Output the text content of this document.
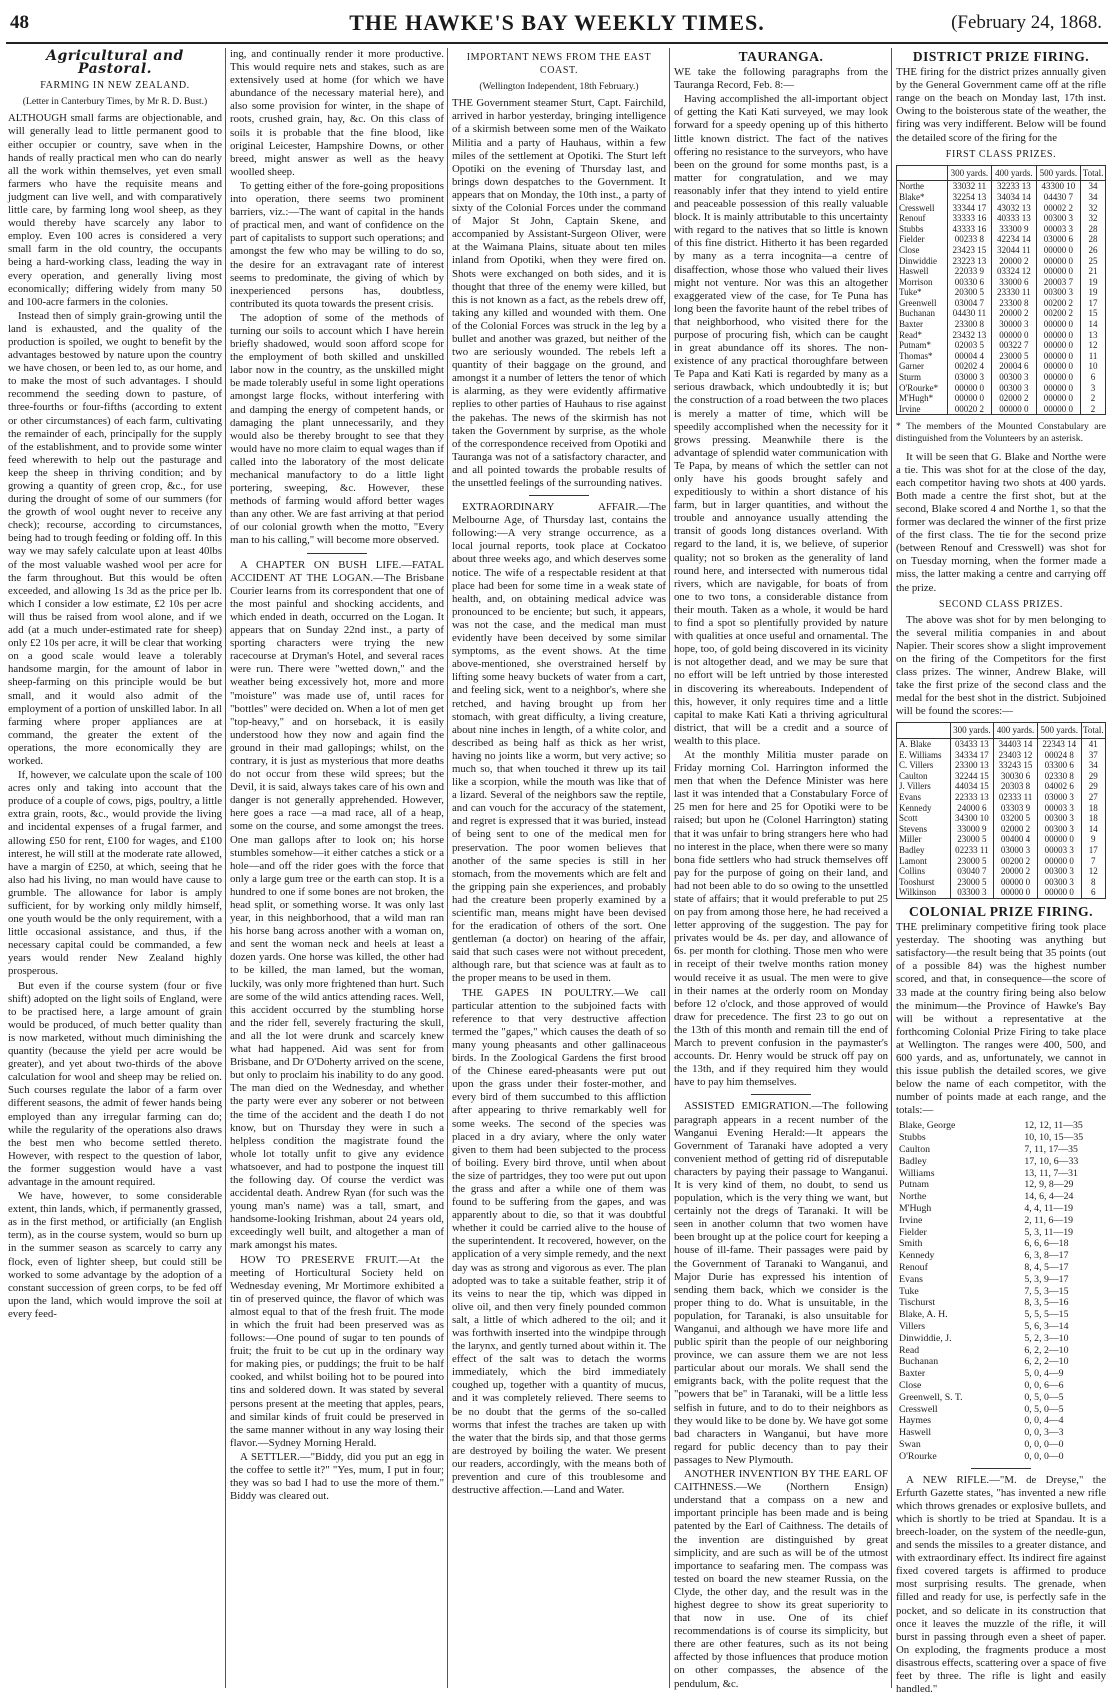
48	THE HAWKE'S BAY WEEKLY TIMES.	(February 24, 1868.
Agricultural and Pastoral.
FARMING IN NEW ZEALAND.
(Letter in Canterbury Times, by Mr R. D. Bust.)

ALTHOUGH small farms are objectionable, and will generally lead to little permanent good to either occupier or country, save when in the hands of really practical men who can do nearly all the work within themselves, yet even small farmers who have the requisite means and judgment can live well, and with comparatively little care, by farming long wool sheep, as they would thereby have scarcely any labor to employ. Even 100 acres is considered a very small farm in the old country, the occupants being a hard-working class, leading the way in every operation, and generally living most economically; differing widely from many 50 and 100-acre farmers in the colonies.

Instead then of simply grain-growing until the land is exhausted, and the quality of the production is spoiled, we ought to benefit by the advantages bestowed by nature upon the country we have chosen, or been led to, as our home, and to make the most of such advantages. I should recommend the seeding down to pasture, of three-fourths or four-fifths (according to extent or other circumstances) of each farm, cultivating the remainder of each, principally for the supply of the establishment, and to provide some winter feed wherewith to help out the pasturage and keep the sheep in thriving condition; and by growing a quantity of green crop, &c., for use during the drought of some of our summers (for the growth of wool ought never to receive any check); recourse, according to circumstances, being had to trough feeding or folding off. In this way we may safely calculate upon at least 40lbs of the most valuable washed wool per acre for the farm throughout. But this would be often exceeded, and allowing 1s 3d as the price per lb. which I consider a low estimate, £2 10s per acre will thus be raised from wool alone, and if we add (at a much under-estimated rate for sheep) only £2 10s per acre, it will be clear that working on a good scale would leave a tolerably handsome margin, for the amount of labor in sheep-farming on this principle would be but small, and it would also admit of the employment of a portion of unskilled labor. In all farming where proper appliances are at command, the greater the extent of the operations, the more economically they are worked.

If, however, we calculate upon the scale of 100 acres only and taking into account that the produce of a couple of cows, pigs, poultry, a little extra grain, roots, &c., would provide the living and incidental expenses of a frugal farmer, and allowing £50 for rent, £100 for wages, and £100 interest, he will still at the moderate rate allowed, have a margin of £250, at which, seeing that he also had his living, no man would have cause to grumble. The allowance for labor is amply sufficient, for by working only mildly himself, one youth would be the only requirement, with a little occasional assistance, and thus, if the necessary capital could be commanded, a few years would render New Zealand highly prosperous.

But even if the course system (four or five shift) adopted on the light soils of England, were to be practised here, a large amount of grain would be produced, of much better quality than is now marketed, without much diminishing the quantity (because the yield per acre would be greater), and yet about two-thirds of the above calculation for wool and sheep may be relied on. Such courses regulate the labor of a farm over different seasons, the admit of fewer hands being employed than any irregular farming can do; while the regularity of the operations also draws the best men who become settled thereto. However, with respect to the question of labor, the former suggestion would have a vast advantage in the amount required.

We have, however, to some considerable extent, thin lands, which, if permanently grassed, as in the first method, or artificially (an English term), as in the course system, would so burn up in the summer season as scarcely to carry any flock, even of lighter sheep, but could still be worked to some advantage by the adoption of a constant succession of green corps, to be fed off upon the land, which would improve the soil at every feed-

ing, and continually render it more productive. This would require nets and stakes, such as are extensively used at home (for which we have abundance of the necessary material here), and also some provision for winter, in the shape of roots, crushed grain, hay, &c. On this class of soils it is probable that the fine blood, like original Leicester, Hampshire Downs, or other breed, might answer as well as the heavy woolled sheep.

To getting either of the fore-going propositions into operation, there seems two prominent barriers, viz.:—The want of capital in the hands of practical men, and want of confidence on the part of capitalists to support such operations; and amongst the few who may be willing to do so, the desire for an extravagant rate of interest seems to predominate, the giving of which by inexperienced persons has, doubtless, contributed its quota towards the present crisis.

The adoption of some of the methods of turning our soils to account which I have herein briefly shadowed, would soon afford scope for the employment of both skilled and unskilled labor now in the country, as the unskilled might be made tolerably useful in some light operations amongst large flocks, without interfering with and damping the energy of competent hands, or damaging the plant unnecessarily, and they would also be thereby brought to see that they would have no more claim to equal wages than if called into the laboratory of the most delicate mechanical manufactory to do a little light portering, sweeping, &c. However, these methods of farming would afford better wages than any other. We are fast arriving at that period of our colonial growth when the motto, "Every man to his calling," will become more observed.

A CHAPTER ON BUSH LIFE.—FATAL ACCIDENT AT THE LOGAN.—The Brisbane Courier learns from its correspondent that one of the most painful and shocking accidents, and which ended in death, occurred on the Logan. It appears that on Sunday 22nd inst., a party of sporting characters were trying the new racecourse at Dryman's Hotel, and several races were run. There were "wetted down," and the weather being excessively hot, more and more "moisture" was made use of, until races for "bottles" were decided on. When a lot of men get "top-heavy," and on horseback, it is easily understood how they now and again find the ground in their mad gallopings; whilst, on the contrary, it is just as mysterious that more deaths do not occur from these wild sprees; but the Devil, it is said, always takes care of his own and danger is not generally apprehended. However, here goes a race —a mad race, all of a heap, some on the course, and some amongst the trees. One man gallops after to look on; his horse stumbles somehow—it either catches a stick or a hole—and off the rider goes with the force that only a large gum tree or the earth can stop. It is a hundred to one if some bones are not broken, the head split, or something worse. It was only last year, in this neighborhood, that a wild man ran his horse bang across another with a woman on, and sent the woman neck and heels at least a dozen yards. One horse was killed, the other had to be killed, the man lamed, but the woman, luckily, was only more frightened than hurt. Such are some of the wild antics attending races. Well, this accident occurred by the stumbling horse and the rider fell, severely fracturing the skull, and all the lot were drunk and scarcely knew what had happened. Aid was sent for from Brisbane, and Dr O'Doherty arrived on the scene, but only to proclaim his inability to do any good. The man died on the Wednesday, and whether the party were ever any soberer or not between the time of the accident and the death I do not know, but on Thursday they were in such a helpless condition the magistrate found the whole lot totally unfit to give any evidence whatsoever, and had to postpone the inquest till the following day. Of course the verdict was accidental death. Andrew Ryan (for such was the young man's name) was a tall, smart, and handsome-looking Irishman, about 24 years old, exceedingly well built, and altogether a man of mark amongst his mates.

HOW TO PRESERVE FRUIT.—At the meeting of Horticultural Society held on Wednesday evening, Mr Mortimore exhibited a tin of preserved quince, the flavor of which was almost equal to that of the fresh fruit. The mode in which the fruit had been preserved was as follows:—One pound of sugar to ten pounds of fruit; the fruit to be cut up in the ordinary way for making pies, or puddings; the fruit to be half cooked, and whilst boiling hot to be poured into tins and soldered down. It was stated by several persons present at the meeting that apples, pears, and similar kinds of fruit could be preserved in the same manner without in any way losing their flavor.—Sydney Morning Herald.

A SETTLER.—"Biddy, did you put an egg in the coffee to settle it?" "Yes, mum, I put in four; they was so bad I had to use the more of them." Biddy was cleared out.

IMPORTANT NEWS FROM THE EAST COAST.
(Wellington Independent, 18th February.)

THE Government steamer Sturt, Capt. Fairchild, arrived in harbor yesterday, bringing intelligence of a skirmish between some men of the Waikato Militia and a party of Hauhaus, within a few miles of the settlement at Opotiki. The Sturt left Opotiki on the evening of Thursday last, and brings down despatches to the Government. It appears that on Monday, the 10th inst., a party of sixty of the Colonial Forces under the command of Major St John, Captain Skene, and accompanied by Assistant-Surgeon Oliver, were at the Waimana Plains, situate about ten miles inland from Opotiki, when they were fired on. Shots were exchanged on both sides, and it is thought that three of the enemy were killed, but this is not known as a fact, as the rebels drew off, taking any killed and wounded with them. One of the Colonial Forces was struck in the leg by a bullet and another was grazed, but neither of the two are seriously wounded. The rebels left a quantity of their baggage on the ground, and amongst it a number of letters the tenor of which is alarming, as they were evidently affirmative replies to other parties of Hauhaus to rise against the pakehas. The news of the skirmish has not taken the Government by surprise, as the whole of the correspondence received from Opotiki and Tauranga was not of a satisfactory character, and and all pointed towards the probable results of the unsettled feelings of the surrounding natives.

EXTRAORDINARY AFFAIR.—The Melbourne Age, of Thursday last, contains the following:—A very strange occurrence, as a local journal reports, took place at Cockatoo about three weeks ago, and which deserves some notice. The wife of a respectable resident at that place had been for some time in a weak state of health, and, on obtaining medical advice was pronounced to be enciente; but such, it appears, was not the case, and the medical man must evidently have been deceived by some similar symptoms, as the event shows. At the time above-mentioned, she overstrained herself by lifting some heavy buckets of water from a cart, and feeling sick, went to a neighbor's, where she retched, and having brought up from her stomach, with great difficulty, a living creature, about nine inches in length, of a white color, and described as being half as thick as her wrist, having no joints like a worm, but very active; so much so, that when touched it threw up its tail like a scorpion, while the mouth was like that of a lizard. Several of the neighbors saw the reptile, and can vouch for the accuracy of the statement, and regret is expressed that it was buried, instead of being sent to one of the medical men for preservation. The poor women believes that another of the same species is still in her stomach, from the movements which are felt and the gripping pain she experiences, and probably had the creature been properly examined by a scientific man, means might have been devised for the eradication of others of the sort. One gentleman (a doctor) on hearing of the affair, said that such cases were not without precedent, although rare, but that science was at fault as to the proper means to be used in them.

THE GAPES IN POULTRY.—We call particular attention to the subjoined facts with reference to that very destructive affection termed the "gapes," which causes the death of so many young pheasants and other gallinaceous birds. In the Zoological Gardens the first brood of the Chinese eared-pheasants were put out upon the grass under their foster-mother, and every bird of them succumbed to this affliction after appearing to thrive remarkably well for some weeks. The second of the species was placed in a dry aviary, where the only water given to them had been subjected to the process of boiling. Every bird throve, until when about the size of partridges, they too were put out upon the grass and after a while one of them was found to be suffering from the gapes, and was apparently about to die, so that it was doubtful whether it could be carried alive to the house of the superintendent. It recovered, however, on the application of a very simple remedy, and the next day was as strong and vigorous as ever. The plan adopted was to take a suitable feather, strip it of its veins to near the tip, which was dipped in olive oil, and then very finely pounded common salt, a little of which adhered to the oil; and it was forthwith inserted into the windpipe through the larynx, and gently turned about within it. The effect of the salt was to detach the worms immediately, which the bird immediately coughed up, together with a quantity of mucus, and it was completely relieved. There seems to be no doubt that the germs of the so-called worms that infest the traches are taken up with the water that the birds sip, and that those germs are destroyed by boiling the water. We present our readers, accordingly, with the means both of prevention and cure of this troublesome and destructive affection.—Land and Water.

TAURANGA.

WE take the following paragraphs from the Tauranga Record, Feb. 8:—

Having accomplished the all-important object of getting the Kati Kati surveyed, we may look forward for a speedy opening up of this hitherto little known district. The fact of the natives offering no resistance to the surveyors, who have been on the ground for some months past, is a matter for congratulation, and we may reasonably infer that they intend to yield entire and peaceable possession of this really valuable block. It is mainly attributable to this uncertainty with regard to the natives that so little is known of this fine district. Hitherto it has been regarded by many as a terra incognita—a centre of disaffection, whose those who valued their lives might not venture. Nor was this an altogether exaggerated view of the case, for Te Puna has long been the favorite haunt of the rebel tribes of that neighborhood, who visited there for the purpose of procuring fish, which can be caught in great abundance off its shores. The non-existence of any practical thoroughfare between Te Papa and Kati Kati is regarded by many as a serious drawback, which undoubtedly it is; but the construction of a road between the two places is merely a matter of time, which will be speedily accomplished when the necessity for it grows pressing. Meanwhile there is the advantage of splendid water communication with Te Papa, by means of which the settler can not only have his goods brought safely and expeditiously to within a short distance of his farm, but in larger quantities, and without the trouble and annoyance usually attending the transit of goods long distances overland. With regard to the land, it is, we believe, of superior quality; not so broken as the generality of land round here, and intersected with numerous tidal rivers, which are navigable, for boats of from one to two tons, a considerable distance from their mouth. Taken as a whole, it would be hard to find a spot so plentifully provided by nature with qualities at once useful and ornamental. The hope, too, of gold being discovered in its vicinity is not altogether dead, and we may be sure that no effort will be left untried by those interested in discovering its whereabouts. Independent of this, however, it only requires time and a little capital to make Kati Kati a thriving agricultural district, that will be a credit and a source of wealth to this place.

At the monthly Militia muster parade on Friday morning Col. Harrington informed the men that when the Defence Minister was here last it was intended that a Constabulary Force of 25 men for here and 25 for Opotiki were to be raised; but upon he (Colonel Harrington) stating that it was unfair to bring strangers here who had no interest in the place, when there were so many bona fide settlers who had struck themselves off pay for the purpose of going on their land, and had not been able to do so owing to the unsettled state of affairs; that it would preferable to put 25 on pay from among those here, he had received a letter approving of the suggestion. The pay for privates would be 4s. per day, and allowance of 6s. per month for clothing. Those men who were in receipt of their twelve months ration money would receive it as usual. The men were to give in their names at the orderly room on Monday before 12 o'clock, and those approved of would draw for precedence. The first 23 to go out on the 13th of this month and remain till the end of March to prevent confusion in the paymaster's accounts. Dr. Henry would be struck off pay on the 13th, and if they required him they would have to pay him themselves.

ASSISTED EMIGRATION.—The following paragraph appears in a recent number of the Wanganui Evening Herald:—It appears the Government of Taranaki have adopted a very convenient method of getting rid of disreputable characters by paying their passage to Wanganui. It is very kind of them, no doubt, to send us population, which is the very thing we want, but certainly not the dregs of Taranaki. It will be seen in another column that two women have been brought up at the police court for keeping a house of ill-fame. Their passages were paid by the Government of Taranaki to Wanganui, and Major Durie has expressed his intention of sending them back, which we consider is the proper thing to do. What is unsuitable, in the population, for Taranaki, is also unsuitable for Wanganui, and although we have more life and public spirit than the people of our neighboring province, we can assure them we are not less particular about our morals. We shall send the emigrants back, with the polite request that the "powers that be" in Taranaki, will be a little less selfish in future, and to do to their neighbors as they would like to be done by. We have got some bad characters in Wanganui, but have more regard for public decency than to pay their passages to New Plymouth.

ANOTHER INVENTION BY THE EARL OF CAITHNESS.—We (Northern Ensign) understand that a compass on a new and important principle has been made and is being patented by the Earl of Caithness. The details of the invention are distinguished by great simplicity, and are such as will be of the utmost importance to seafaring men. The compass was tested on board the new steamer Russia, on the Clyde, the other day, and the result was in the highest degree to show its great superiority to that now in use. One of its chief recommendations is of course its simplicity, but there are other features, such as its not being affected by those influences that produce motion on other compasses, the absence of the pendulum, &c.

DISTRICT PRIZE FIRING.

THE firing for the district prizes annually given by the General Government came off at the rifle range on the beach on Monday last, 17th inst. Owing to the boisterous state of the weather, the firing was very indifferent. Below will be found the detailed score of the firing for the

FIRST CLASS PRIZES.
	300 yards.	400 yards.	500 yards.	Total.
Northe	33032 11	32233 13	43300 10	34
Blake*	32254 13	34034 14	04430 7	34
Cresswell	33344 17	43032 13	00002 2	32
Renouf	33333 16	40333 13	00300 3	32
Stubbs	43333 16	33300 9	00003 3	28
Fielder	00233 8	42234 14	03000 6	28
Close	23423 15	32044 11	00000 0	26
Dinwiddie	23223 13	20000 2	00000 0	25
Haswell	22033 9	03324 12	00000 0	21
Morrison	00330 6	33000 6	20003 7	19
Tuke*	20300 5	23330 11	00300 3	19
Greenwell	03004 7	23300 8	00200 2	17
Buchanan	04430 11	20000 2	00200 2	15
Baxter	23300 8	30000 3	00000 0	14
Read*	23432 13	00000 0	00000 0	13
Putnam*	02003 5	00322 7	00000 0	12
Thomas*	00004 4	23000 5	00000 0	11
Garner	00202 4	20004 6	00000 0	10
Sturm	03000 3	00300 3	00000 0	6
O'Rourke*	00000 0	00300 3	00000 0	3
M'Hugh*	00000 0	02000 2	00000 0	2
Irvine	00020 2	00000 0	00000 0	2
* The members of the Mounted Constabulary are distinguished from the Volunteers by an asterisk.

It will be seen that G. Blake and Northe were a tie. This was shot for at the close of the day, each competitor having two shots at 400 yards. Both made a centre the first shot, but at the second, Blake scored 4 and Northe 1, so that the former was declared the winner of the first prize of the first class. The tie for the second prize (between Renouf and Cresswell) was shot for on Tuesday morning, when the former made a miss, the latter making a centre and carrying off the prize.

SECOND CLASS PRIZES.

The above was shot for by men belonging to the several militia companies in and about Napier. Their scores show a slight improvement on the firing of the Competitors for the first class prizes. The winner, Andrew Blake, will take the first prize of the second class and the medal for the best shot in the district. Subjoined will be found the scores:—

	300 yards.	400 yards.	500 yards.	Total.
A. Blake	03433 13	34403 14	22343 14	41
E. Williams	34334 17	23403 12	00024 8	37
C. Villers	23300 13	33243 15	03300 6	34
Caulton	32244 15	30030 6	02330 8	29
J. Villers	44034 15	20303 8	04002 6	29
Evans	22333 13	02333 11	03000 3	27
Kennedy	24000 6	03303 9	00003 3	18
Scott	34300 10	03200 5	00300 3	18
Stevens	33000 9	02000 2	00300 3	14
Miller	23000 5	00400 4	00000 0	9
Badley	02233 11	03000 3	00003 3	17
Lamont	23000 5	00200 2	00000 0	7
Collins	03040 7	20000 2	00300 3	12
Tooshurst	23000 5	00000 0	00300 3	8
Wilkinson	03300 3	00000 0	00000 0	6
COLONIAL PRIZE FIRING.

THE preliminary competitive firing took place yesterday. The shooting was anything but satisfactory—the result being that 35 points (out of a possible 84) was the highest number scored, and that, in consequence—the score of 33 made at the country firing being also below the minimum—the Province of Hawke's Bay will be without a representative at the forthcoming Colonial Prize Firing to take place at Wellington. The ranges were 400, 500, and 600 yards, and as, unfortunately, we cannot in this issue publish the detailed scores, we give below the name of each competitor, with the number of points made at each range, and the totals:—

Blake, George	12, 12, 11—35
Stubbs	10, 10, 15—35
Caulton	7, 11, 17—35
Badley	17, 10, 6—33
Williams	13, 11, 7—31
Putnam	12, 9, 8—29
Northe	14, 6, 4—24
M'Hugh	4, 4, 11—19
Irvine	2, 11, 6—19
Fielder	5, 3, 11—19
Smith	6, 6, 6—18
Kennedy	6, 3, 8—17
Renouf	8, 4, 5—17
Evans	5, 3, 9—17
Tuke	7, 5, 3—15
Tischurst	8, 3, 5—16
Blake, A. H.	5, 5, 5—15
Villers	5, 6, 3—14
Dinwiddie, J.	5, 2, 3—10
Read	6, 2, 2—10
Buchanan	6, 2, 2—10
Baxter	5, 0, 4—9
Close	0, 0, 6—6
Greenwell, S. T.	0, 5, 0—5
Cresswell	0, 5, 0—5
Haymes	0, 0, 4—4
Haswell	0, 0, 3—3
Swan	0, 0, 0—0
O'Rourke	0, 0, 0—0

A NEW RIFLE.—"M. de Dreyse," the Erfurth Gazette states, "has invented a new rifle which throws grenades or explosive bullets, and which is shortly to be tried at Spandau. It is a breech-loader, on the system of the needle-gun, and sends the missiles to a greater distance, and with extraordinary effect. Its indirect fire against fixed covered targets is affirmed to produce most surprising results. The grenade, when filled and ready for use, is perfectly safe in the pocket, and so delicate in its construction that once it leaves the muzzle of the rifle, it will burst in passing through even a sheet of paper. On exploding, the fragments produce a most disastrous effects, scattering over a space of five feet by three. The rifle is light and easily handled."
